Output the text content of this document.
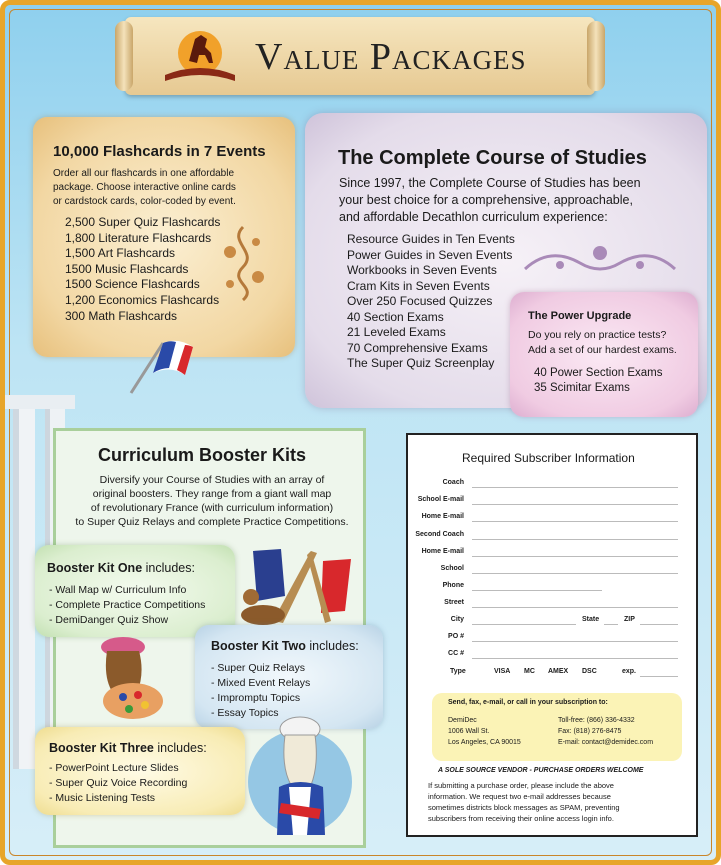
Value Packages
10,000 Flashcards in 7 Events
Order all our flashcards in one affordable
package. Choose interactive online cards
or cardstock cards, color-coded by event.
2,500 Super Quiz Flashcards
1,800 Literature Flashcards
1,500 Art Flashcards
1500 Music Flashcards
1500 Science Flashcards
1,200 Economics Flashcards
300 Math Flashcards
The Complete Course of Studies
Since 1997, the Complete Course of Studies has been
your best choice for a comprehensive, approachable,
and affordable Decathlon curriculum experience:
Resource Guides in Ten Events
Power Guides in Seven Events
Workbooks in Seven Events
Cram Kits in Seven Events
Over 250 Focused Quizzes
40 Section Exams
21 Leveled Exams
70 Comprehensive Exams
The Super Quiz Screenplay
The Power Upgrade
Do you rely on practice tests?
Add a set of our hardest exams.
40 Power Section Exams
35 Scimitar Exams
Curriculum Booster Kits
Diversify your Course of Studies with an array of
original boosters. They range from a giant wall map
of revolutionary France (with curriculum information)
to Super Quiz Relays and complete Practice Competitions.
Booster Kit One includes:
- Wall Map w/ Curriculum Info
- Complete Practice Competitions
- DemiDanger Quiz Show
Booster Kit Two includes:
- Super Quiz Relays
- Mixed Event Relays
- Impromptu Topics
- Essay Topics
Booster Kit Three includes:
- PowerPoint Lecture Slides
- Super Quiz Voice Recording
- Music Listening Tests
Required Subscriber Information
Coach
School E-mail
Home E-mail
Second Coach
Home E-mail
School
Phone
Street
City	State	ZIP
PO #
CC #
Type	VISA MC AMEX DSC	exp.
Send, fax, e-mail, or call in your subscription to:
DemiDec
1006 Wall St.
Los Angeles, CA 90015
Toll-free: (866) 336-4332
Fax: (818) 276-8475
E-mail: contact@demidec.com
A SOLE SOURCE VENDOR - PURCHASE ORDERS WELCOME
If submitting a purchase order, please include the above
information. We request two e-mail addresses because
sometimes districts block messages as SPAM, preventing
subscribers from receiving their online access login info.
